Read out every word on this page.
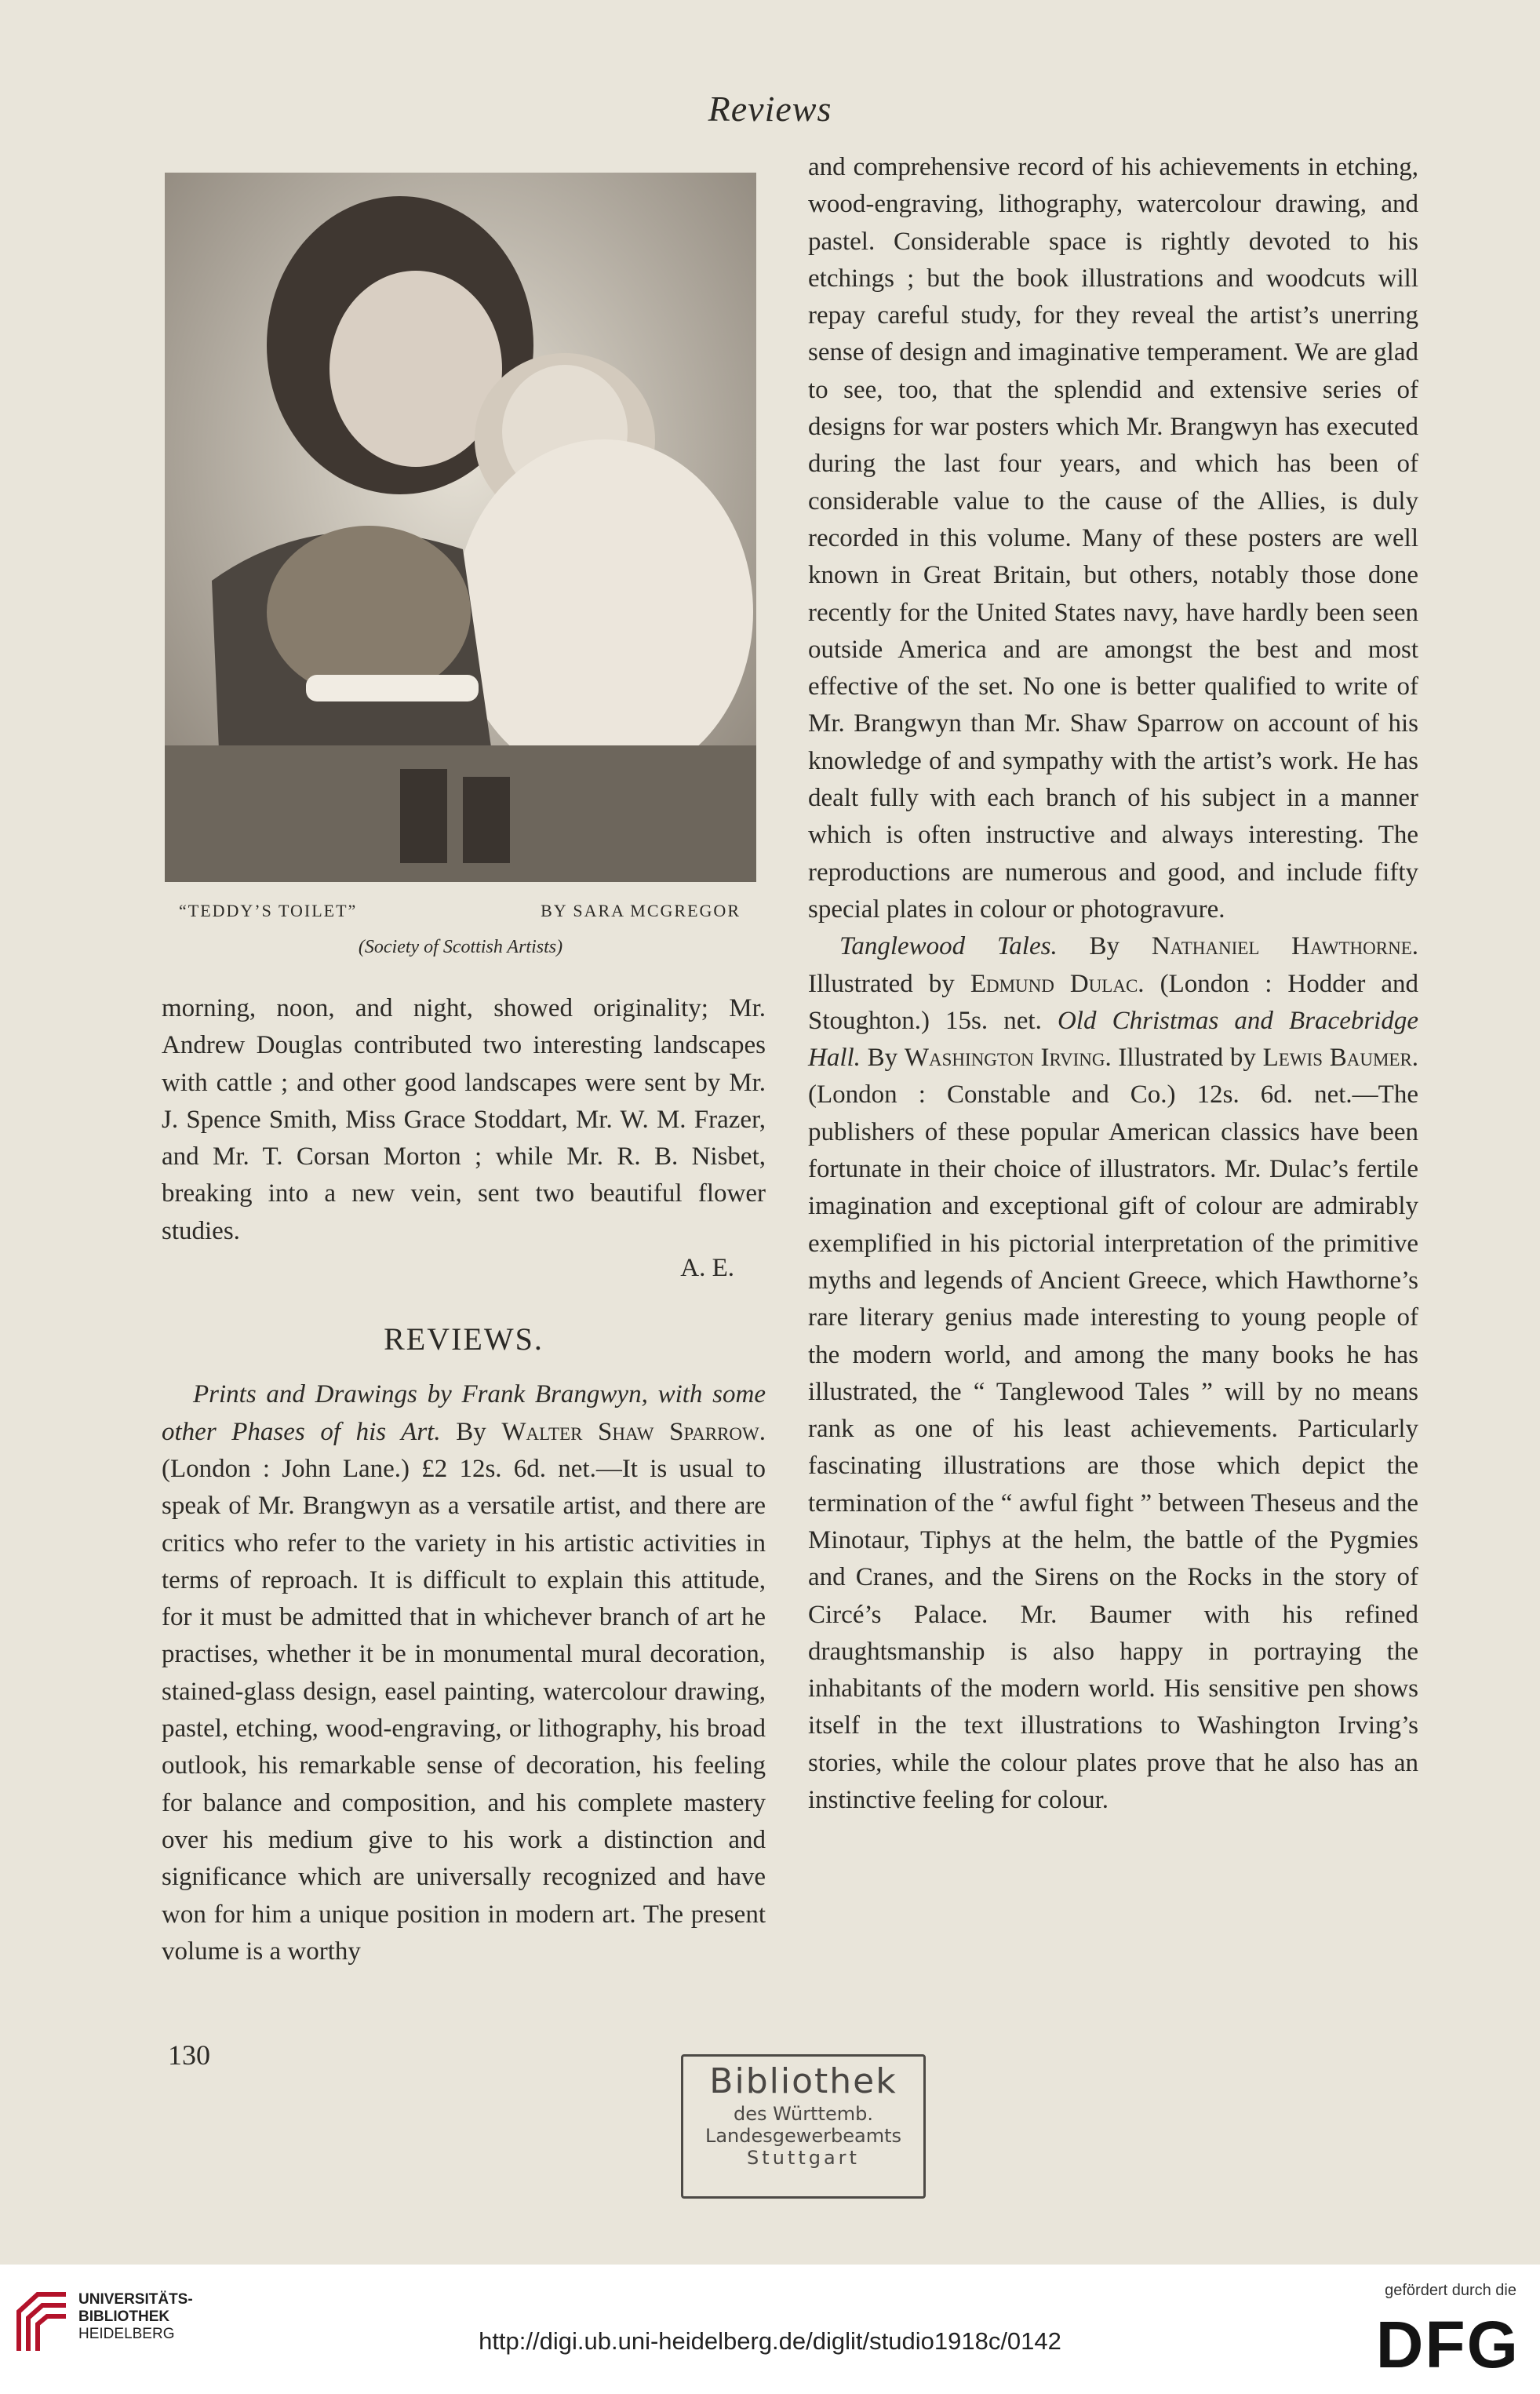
Reviews
“TEDDY’S TOILET”	BY SARA MCGREGOR
(Society of Scottish Artists)

morning, noon, and night, showed originality; Mr. Andrew Douglas contributed two interesting landscapes with cattle ; and other good landscapes were sent by Mr. J. Spence Smith, Miss Grace Stoddart, Mr. W. M. Frazer, and Mr. T. Corsan Morton ; while Mr. R. B. Nisbet, breaking into a new vein, sent two beautiful flower studies.

A. E.
REVIEWS.

Prints and Drawings by Frank Brangwyn, with some other Phases of his Art. By Walter Shaw Sparrow. (London : John Lane.) £2 12s. 6d. net.—It is usual to speak of Mr. Brangwyn as a versatile artist, and there are critics who refer to the variety in his artistic activities in terms of reproach. It is difficult to explain this attitude, for it must be admitted that in whichever branch of art he practises, whether it be in monumental mural decoration, stained-glass design, easel painting, watercolour drawing, pastel, etching, wood-engraving, or lithography, his broad outlook, his remarkable sense of decoration, his feeling for balance and composition, and his complete mastery over his medium give to his work a distinction and significance which are universally recognized and have won for him a unique position in modern art. The present volume is a worthy

and comprehensive record of his achievements in etching, wood-engraving, lithography, watercolour drawing, and pastel. Considerable space is rightly devoted to his etchings ; but the book illustrations and woodcuts will repay careful study, for they reveal the artist’s unerring sense of design and imaginative temperament. We are glad to see, too, that the splendid and extensive series of designs for war posters which Mr. Brangwyn has executed during the last four years, and which has been of considerable value to the cause of the Allies, is duly recorded in this volume. Many of these posters are well known in Great Britain, but others, notably those done recently for the United States navy, have hardly been seen outside America and are amongst the best and most effective of the set. No one is better qualified to write of Mr. Brangwyn than Mr. Shaw Sparrow on account of his knowledge of and sympathy with the artist’s work. He has dealt fully with each branch of his subject in a manner which is often instructive and always interesting. The reproductions are numerous and good, and include fifty special plates in colour or photogravure.

Tanglewood Tales. By Nathaniel Hawthorne. Illustrated by Edmund Dulac. (London : Hodder and Stoughton.) 15s. net. Old Christmas and Bracebridge Hall. By Washington Irving. Illustrated by Lewis Baumer. (London : Constable and Co.) 12s. 6d. net.—The publishers of these popular American classics have been fortunate in their choice of illustrators. Mr. Dulac’s fertile imagination and exceptional gift of colour are admirably exemplified in his pictorial interpretation of the primitive myths and legends of Ancient Greece, which Hawthorne’s rare literary genius made interesting to young people of the modern world, and among the many books he has illustrated, the “ Tanglewood Tales ” will by no means rank as one of his least achievements. Particularly fascinating illustrations are those which depict the termination of the “ awful fight ” between Theseus and the Minotaur, Tiphys at the helm, the battle of the Pygmies and Cranes, and the Sirens on the Rocks in the story of Circé’s Palace. Mr. Baumer with his refined draughtsmanship is also happy in portraying the inhabitants of the modern world. His sensitive pen shows itself in the text illustrations to Washington Irving’s stories, while the colour plates prove that he also has an instinctive feeling for colour.

130
Bibliothek
des Württemb.
Landesgewerbeamts
Stuttgart
UNIVERSITÄTS-
BIBLIOTHEK
HEIDELBERG	http://digi.ub.uni-heidelberg.de/diglit/studio1918c/0142
gefördert durch die
DFG
